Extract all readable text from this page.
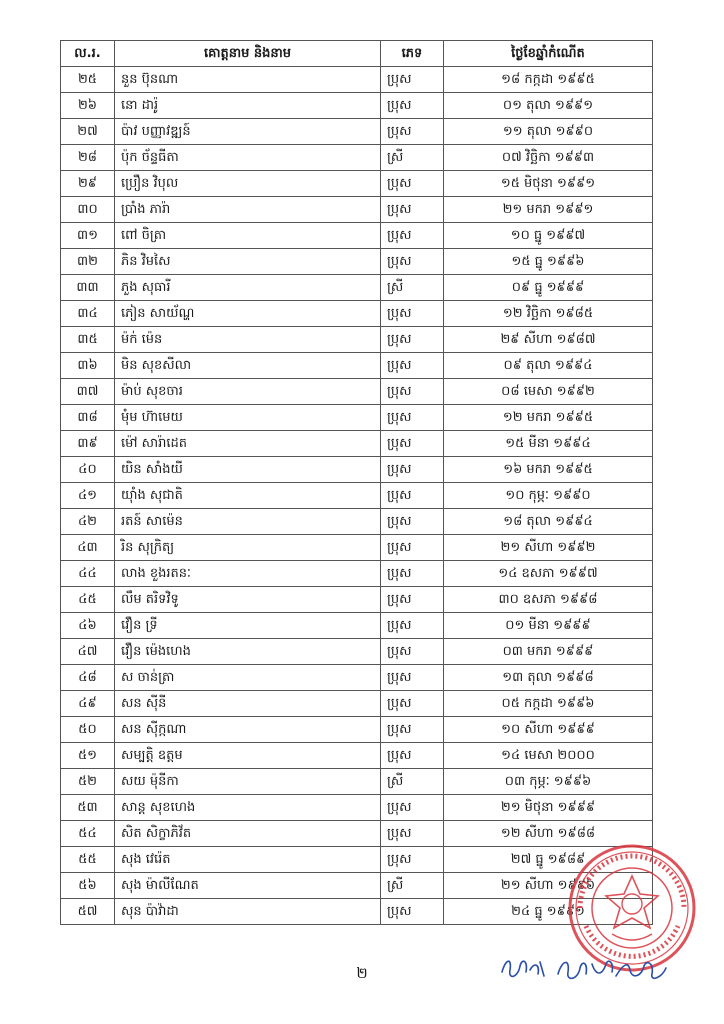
ល.រ.	គោត្តនាម និងនាម	ភេទ	ថ្ងៃខែឆ្នាំកំណើត
២៥	នួន ប៊ុនណា	ប្រុស	១៨ កក្កដា ១៩៩៥
២៦	នោ ដារ៉ូ	ប្រុស	០១ តុលា ១៩៩១
២៧	ប៉ាវ បញ្ញាវឌ្ឍន៍	ប្រុស	១១ តុលា ១៩៩០
២៨	ប៉ុក ច័ន្ទធីតា	ស្រី	០៧ វិច្ឆិកា ១៩៩៣
២៩	ប្រឿន វិបុល	ប្រុស	១៥ មិថុនា ១៩៩១
៣០	ប្រាំង ភារ៉ា	ប្រុស	២១ មករា ១៩៩១
៣១	ពៅ ចិត្រា	ប្រុស	១០ ធ្នូ ១៩៩៧
៣២	ភិន វិមសៃ	ប្រុស	១៥ ធ្នូ ១៩៩៦
៣៣	ភួង សុធារី	ស្រី	០៩ ធ្នូ ១៩៩៩
៣៤	ភៀន សាយ័ណ្ហ	ប្រុស	១២ វិច្ឆិកា ១៩៨៥
៣៥	ម៉ក់ ម៉េន	ប្រុស	២៩ សីហា ១៩៨៧
៣៦	មិន សុខសីលា	ប្រុស	០៩ តុលា ១៩៩៤
៣៧	ម៉ាប់ សុខចារ	ប្រុស	០៨ មេសា ១៩៩២
៣៨	មុំម ហ៊ាមេយ	ប្រុស	១២ មករា ១៩៩៥
៣៩	ម៉ៅ សារ៉ាដេត	ប្រុស	១៥ មីនា ១៩៩៤
៤០	យិន សាំងយី	ប្រុស	១៦ មករា ១៩៩៥
៤១	យ៉ាំង សុជាតិ	ប្រុស	១០ កុម្ភៈ ១៩៩០
៤២	រតន៍ សាម៉េន	ប្រុស	១៨ តុលា ១៩៩៤
៤៣	រិន សុក្រិត្យ	ប្រុស	២១ សីហា ១៩៩២
៤៤	លាង ខួងរតនៈ	ប្រុស	១៤ ឧសភា ១៩៩៧
៤៥	លឹម តរិទវិទូ	ប្រុស	៣០ ឧសភា ១៩៩៨
៤៦	វឿន ទ្រី	ប្រុស	០១ មីនា ១៩៩៩
៤៧	វឿន ម៉េងហេង	ប្រុស	០៣ មករា ១៩៩៩
៤៨	ស ចាន់ត្រា	ប្រុស	១៣ តុលា ១៩៩៨
៤៩	សន ស៊ីនី	ប្រុស	០៥ កក្កដា ១៩៩៦
៥០	សន ស៊ីក្កណា	ប្រុស	១០ សីហា ១៩៩៩
៥១	សម្បត្តិ ឧត្តម	ប្រុស	១៤ មេសា ២០០០
៥២	សយ ម៉ុនីកា	ស្រី	០៣ កុម្ភៈ ១៩៩៦
៥៣	សាន្ត សុខហេង	ប្រុស	២១ មិថុនា ១៩៩៩
៥៤	សិត សិក្ខាភិវ័ត	ប្រុស	១២ សីហា ១៩៨៨
៥៥	សុង វេរ៉េត	ប្រុស	២៧ ធ្នូ ១៩៨៩
៥៦	សុង ម៉ាលីណែត	ស្រី	២១ សីហា ១៩៩៦
៥៧	សុន ប៉ាវ៉ាដា	ប្រុស	២៤ ធ្នូ ១៩៩១
២
